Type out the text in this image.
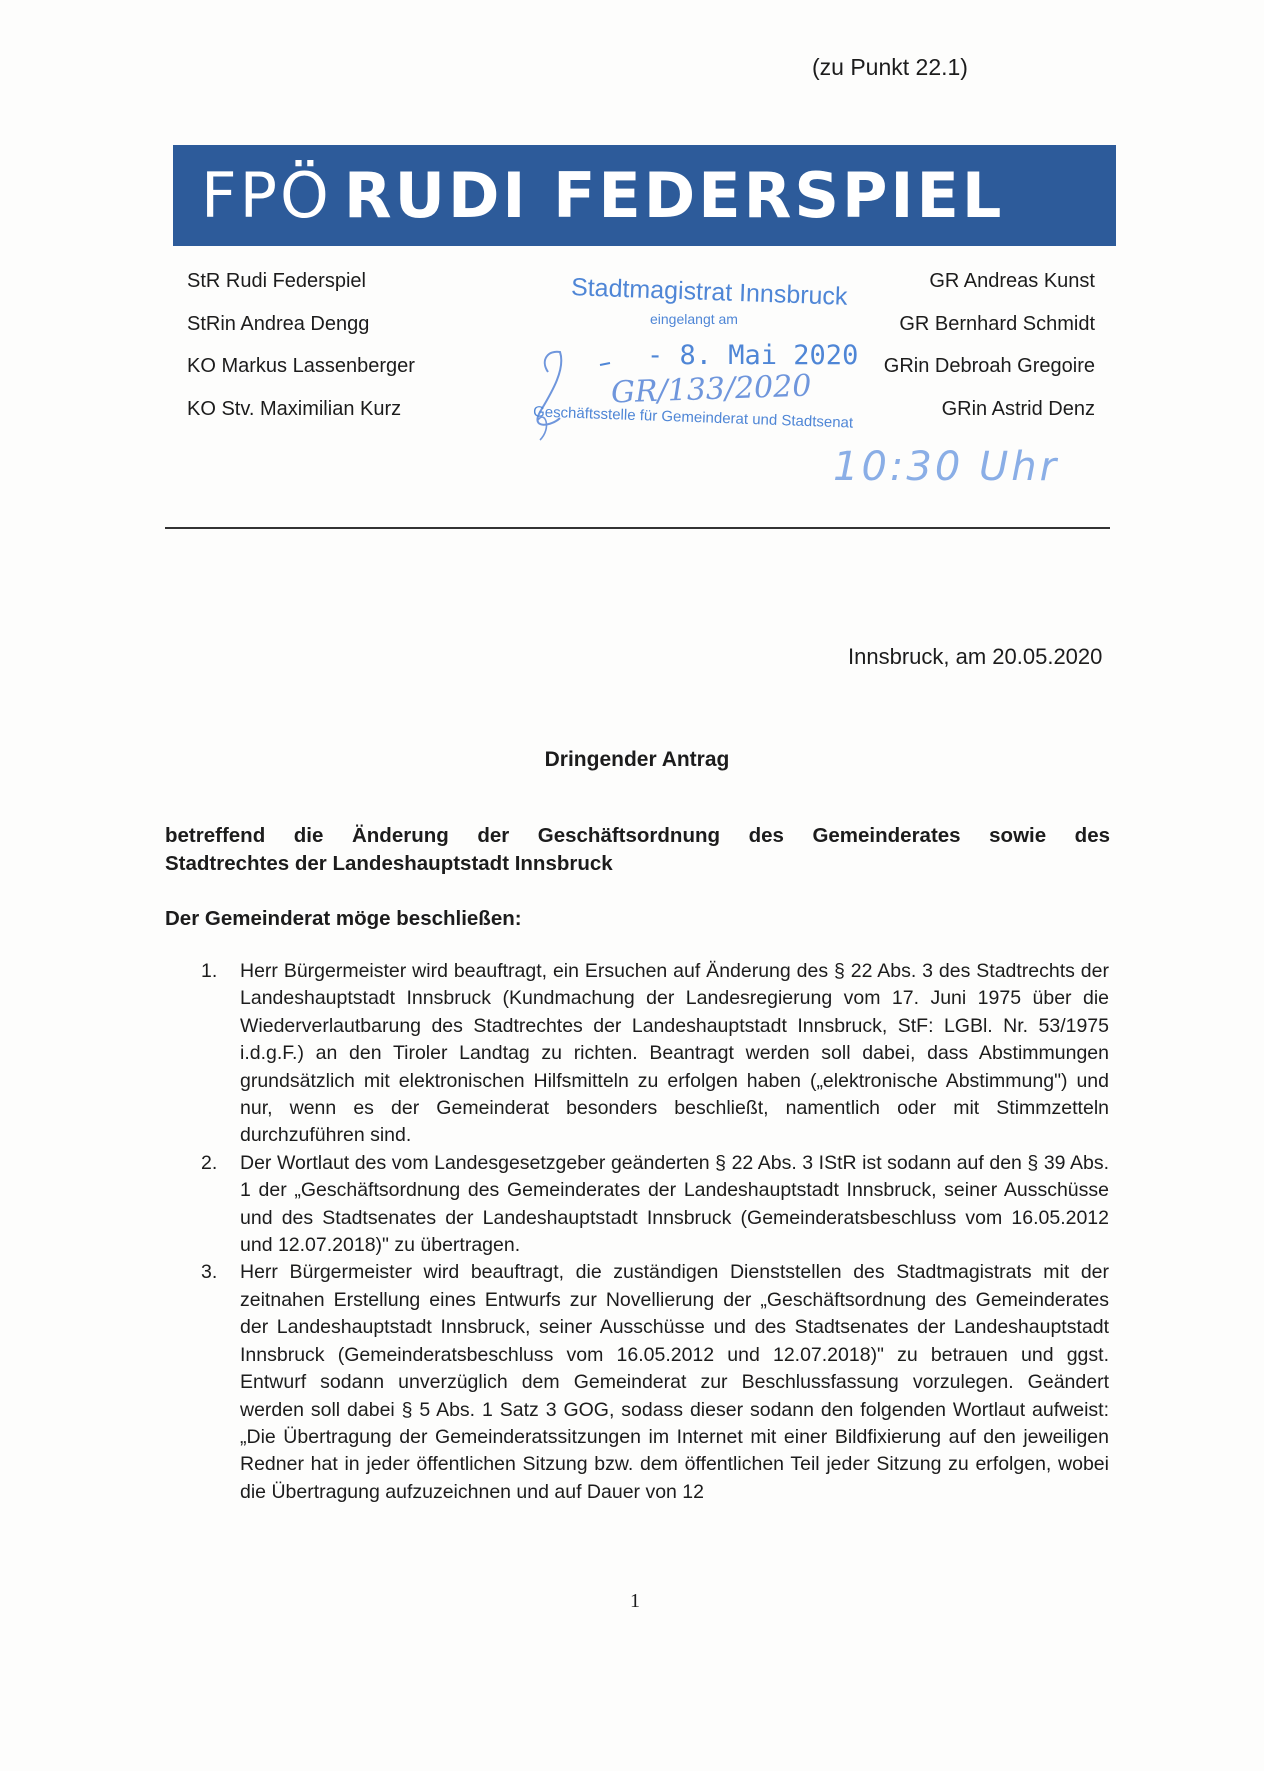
(zu Punkt 22.1)
FPÖ RUDI FEDERSPIEL
StR Rudi Federspiel
StRin Andrea Dengg
KO Markus Lassenberger
KO Stv. Maximilian Kurz
GR Andreas Kunst
GR Bernhard Schmidt
GRin Debroah Gregoire
GRin Astrid Denz
Stadtmagistrat Innsbruck
eingelangt am
- 8. Mai 2020
GR/133/2020
Geschäftsstelle für Gemeinderat und Stadtsenat
10:30 Uhr
Innsbruck, am 20.05.2020
Dringender Antrag

betreffend die Änderung der Geschäftsordnung des Gemeinderates sowie des
Stadtrechtes der Landeshauptstadt Innsbruck

Der Gemeinderat möge beschließen:
1. Herr Bürgermeister wird beauftragt, ein Ersuchen auf Änderung des § 22 Abs. 3 des Stadtrechts der Landeshauptstadt Innsbruck (Kundmachung der Landesregierung vom 17. Juni 1975 über die Wiederverlautbarung des Stadtrechtes der Landeshauptstadt Innsbruck, StF: LGBl. Nr. 53/1975 i.d.g.F.) an den Tiroler Landtag zu richten. Beantragt werden soll dabei, dass Abstimmungen grundsätzlich mit elektronischen Hilfsmitteln zu erfolgen haben („elektronische Abstimmung") und nur, wenn es der Gemeinderat besonders beschließt, namentlich oder mit Stimmzetteln durchzuführen sind.
2. Der Wortlaut des vom Landesgesetzgeber geänderten § 22 Abs. 3 IStR ist sodann auf den § 39 Abs. 1 der „Geschäftsordnung des Gemeinderates der Landeshauptstadt Innsbruck, seiner Ausschüsse und des Stadtsenates der Landeshauptstadt Innsbruck (Gemeinderatsbeschluss vom 16.05.2012 und 12.07.2018)" zu übertragen.
3. Herr Bürgermeister wird beauftragt, die zuständigen Dienststellen des Stadtmagistrats mit der zeitnahen Erstellung eines Entwurfs zur Novellierung der „Geschäftsordnung des Gemeinderates der Landeshauptstadt Innsbruck, seiner Ausschüsse und des Stadtsenates der Landeshauptstadt Innsbruck (Gemeinderatsbeschluss vom 16.05.2012 und 12.07.2018)" zu betrauen und ggst. Entwurf sodann unverzüglich dem Gemeinderat zur Beschlussfassung vorzulegen. Geändert werden soll dabei § 5 Abs. 1 Satz 3 GOG, sodass dieser sodann den folgenden Wortlaut aufweist: „Die Übertragung der Gemeinderatssitzungen im Internet mit einer Bildfixierung auf den jeweiligen Redner hat in jeder öffentlichen Sitzung bzw. dem öffentlichen Teil jeder Sitzung zu erfolgen, wobei die Übertragung aufzuzeichnen und auf Dauer von 12
1
